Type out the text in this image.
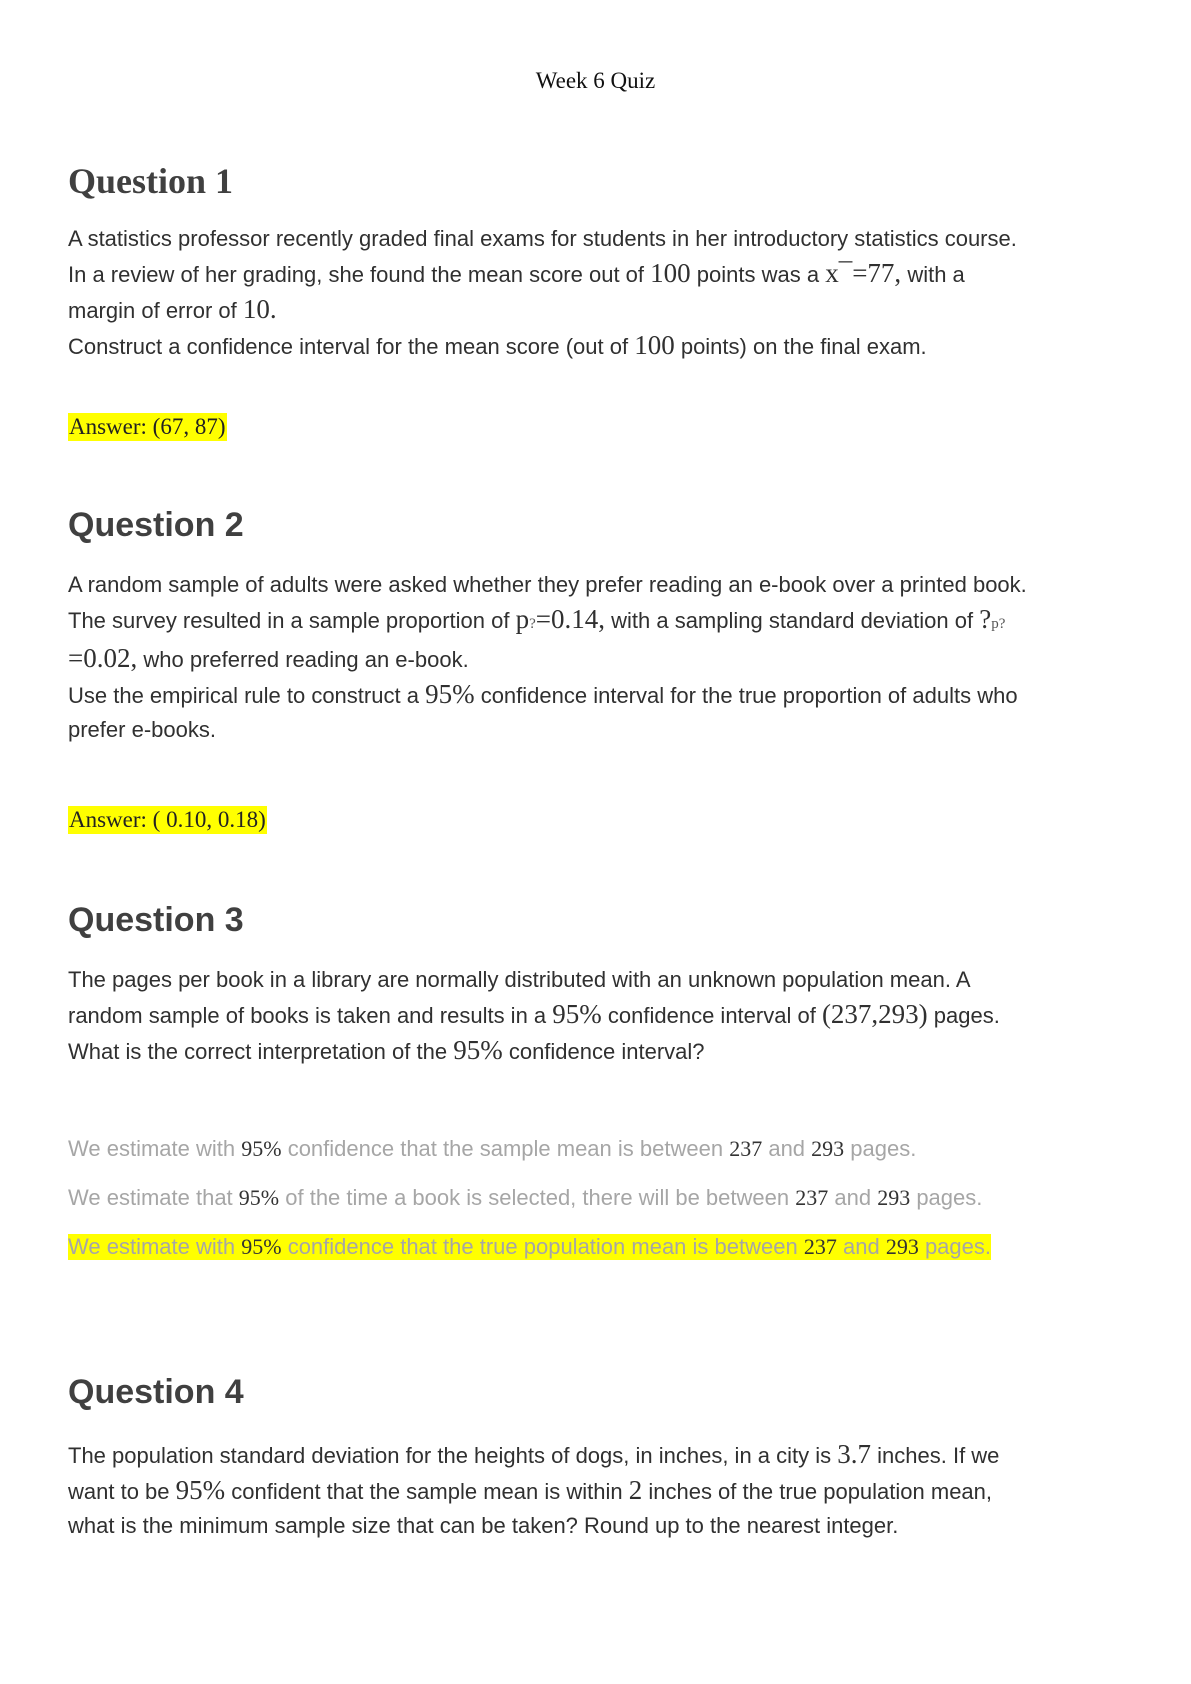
Week 6 Quiz
Question 1

A statistics professor recently graded final exams for students in her introductory statistics course.
In a review of her grading, she found the mean score out of 100 points was a x¯=77, with a
margin of error of 10.
Construct a confidence interval for the mean score (out of 100 points) on the final exam.

Answer: (67, 87)
Question 2

A random sample of adults were asked whether they prefer reading an e-book over a printed book.
The survey resulted in a sample proportion of p?=0.14, with a sampling standard deviation of ?p?
=0.02, who preferred reading an e-book.
Use the empirical rule to construct a 95% confidence interval for the true proportion of adults who
prefer e-books.

Answer: ( 0.10, 0.18)
Question 3

The pages per book in a library are normally distributed with an unknown population mean. A
random sample of books is taken and results in a 95% confidence interval of (237,293) pages.
What is the correct interpretation of the 95% confidence interval?

We estimate with 95% confidence that the sample mean is between 237 and 293 pages.
We estimate that 95% of the time a book is selected, there will be between 237 and 293 pages.
We estimate with 95% confidence that the true population mean is between 237 and 293 pages.
Question 4

The population standard deviation for the heights of dogs, in inches, in a city is 3.7 inches. If we
want to be 95% confident that the sample mean is within 2 inches of the true population mean,
what is the minimum sample size that can be taken? Round up to the nearest integer.
